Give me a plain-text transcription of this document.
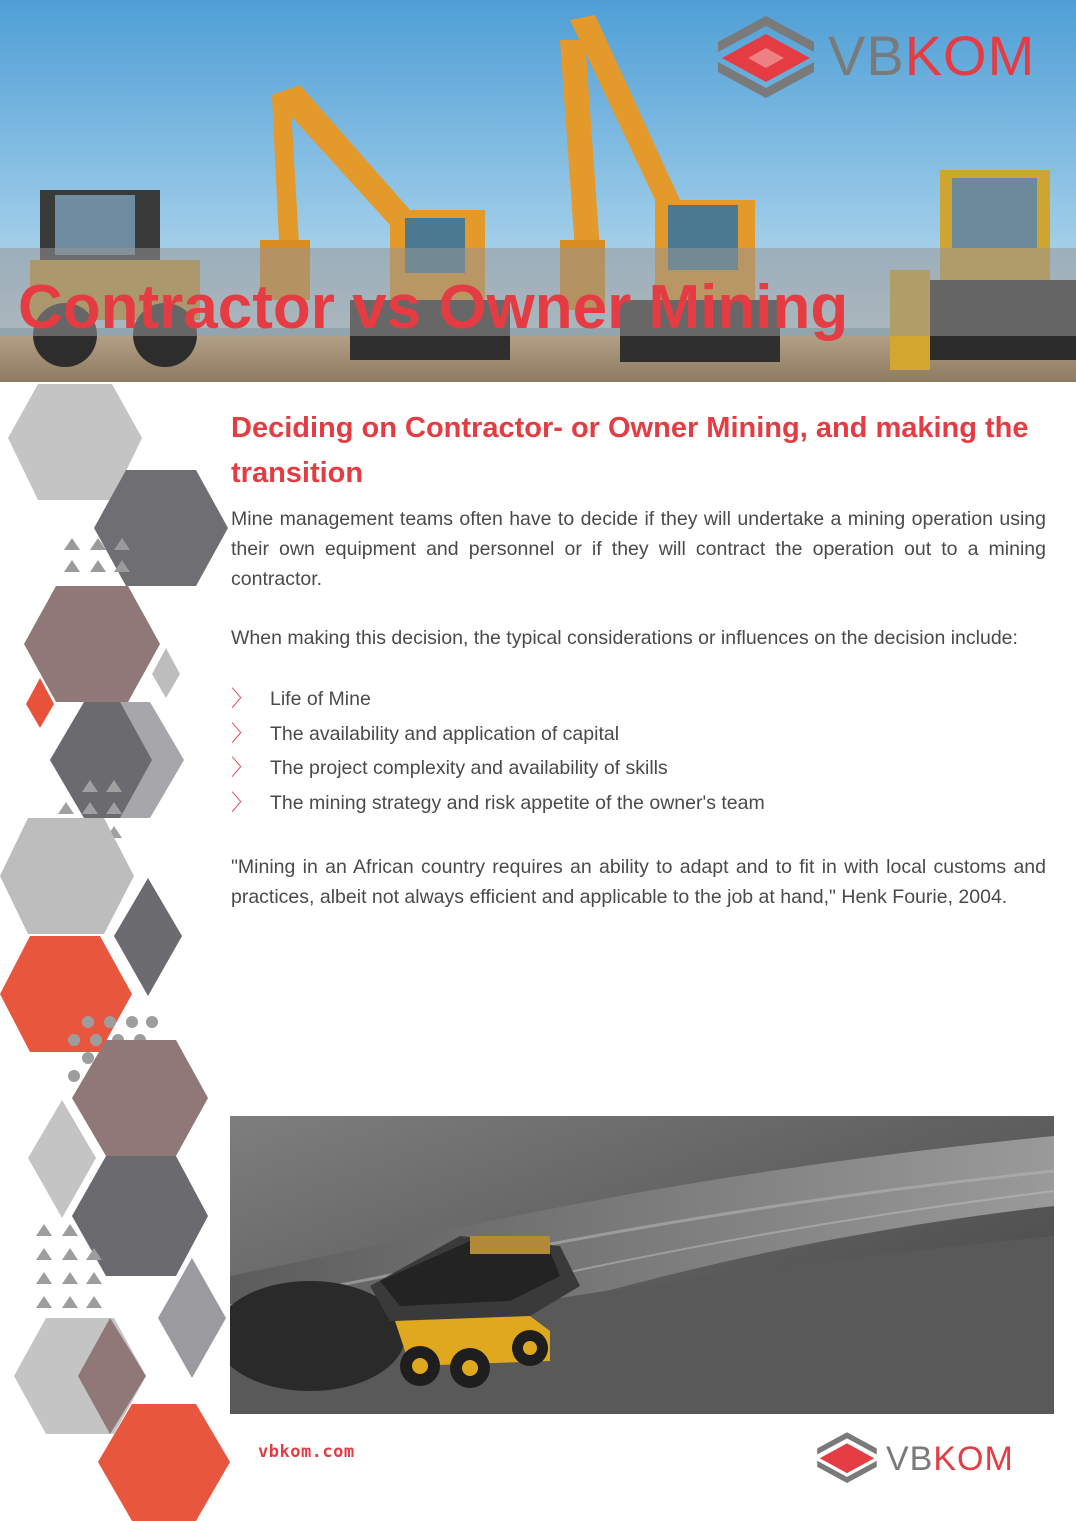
Contractor vs Owner Mining
VBKOM
Deciding on Contractor- or Owner Mining, and making the transition

Mine management teams often have to decide if they will undertake a mining operation using their own equipment and personnel or if they will contract the operation out to a mining contractor.

When making this decision, the typical considerations or influences on the decision include:

〉 Life of Mine
〉 The availability and application of capital
〉 The project complexity and availability of skills
〉 The mining strategy and risk appetite of the owner's team

"Mining in an African country requires an ability to adapt and to fit in with local customs and practices, albeit not always efficient and applicable to the job at hand," Henk Fourie, 2004.

vbkom.com	VBKOM
